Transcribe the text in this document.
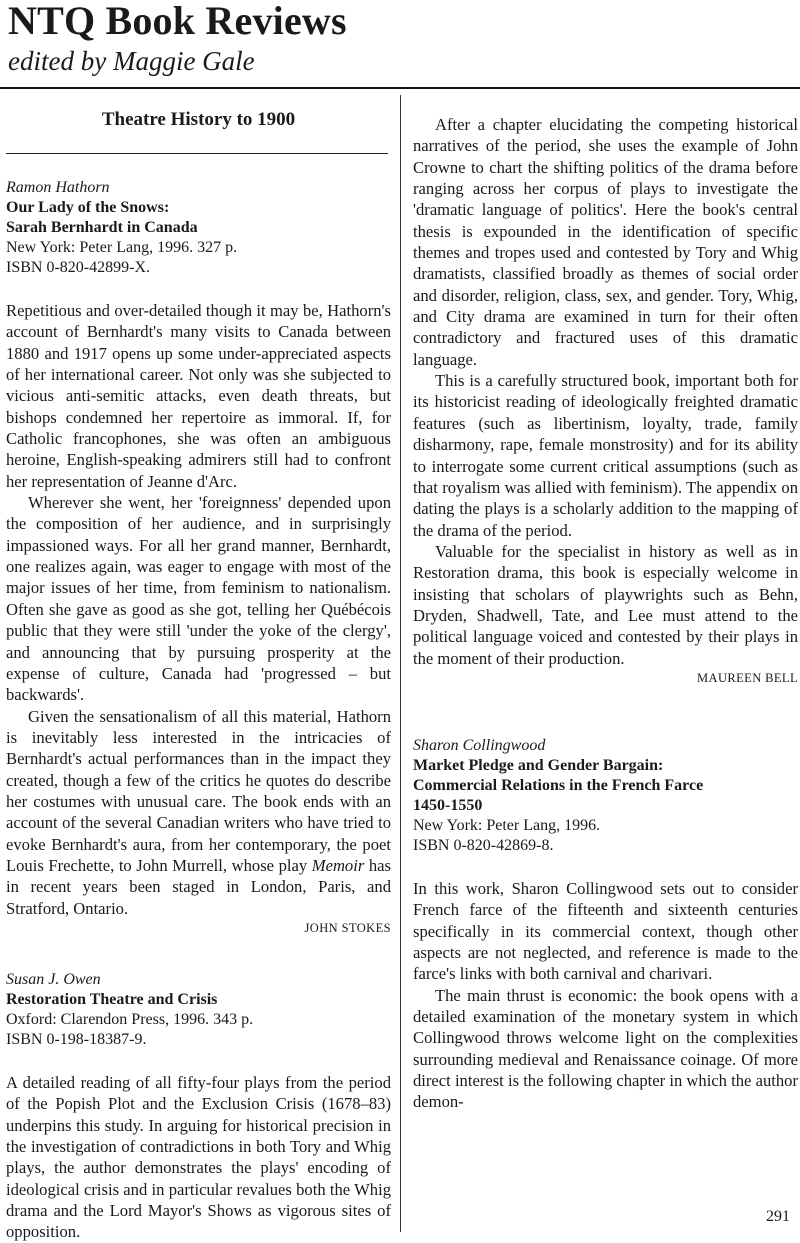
NTQ Book Reviews
edited by Maggie Gale
Theatre History to 1900
Ramon Hathorn
Our Lady of the Snows:
Sarah Bernhardt in Canada
New York: Peter Lang, 1996. 327 p.
ISBN 0-820-42899-X.

Repetitious and over-detailed though it may be, Hathorn's account of Bernhardt's many visits to Canada between 1880 and 1917 opens up some under-appreciated aspects of her international career. Not only was she subjected to vicious anti-semitic attacks, even death threats, but bishops condemned her repertoire as immoral. If, for Catholic francophones, she was often an ambiguous heroine, English-speaking admirers still had to confront her representation of Jeanne d'Arc.

Wherever she went, her 'foreignness' depended upon the composition of her audience, and in surprisingly impassioned ways. For all her grand manner, Bernhardt, one realizes again, was eager to engage with most of the major issues of her time, from feminism to nationalism. Often she gave as good as she got, telling her Québécois public that they were still 'under the yoke of the clergy', and announcing that by pursuing prosperity at the expense of culture, Canada had 'progressed – but backwards'.

Given the sensationalism of all this material, Hathorn is inevitably less interested in the intricacies of Bernhardt's actual performances than in the impact they created, though a few of the critics he quotes do describe her costumes with unusual care. The book ends with an account of the several Canadian writers who have tried to evoke Bernhardt's aura, from her contemporary, the poet Louis Frechette, to John Murrell, whose play Memoir has in recent years been staged in London, Paris, and Stratford, Ontario.

JOHN STOKES
Susan J. Owen
Restoration Theatre and Crisis
Oxford: Clarendon Press, 1996. 343 p.
ISBN 0-198-18387-9.

A detailed reading of all fifty-four plays from the period of the Popish Plot and the Exclusion Crisis (1678–83) underpins this study. In arguing for historical precision in the investigation of contradictions in both Tory and Whig plays, the author demonstrates the plays' encoding of ideological crisis and in particular revalues both the Whig drama and the Lord Mayor's Shows as vigorous sites of opposition.

After a chapter elucidating the competing historical narratives of the period, she uses the example of John Crowne to chart the shifting politics of the drama before ranging across her corpus of plays to investigate the 'dramatic language of politics'. Here the book's central thesis is expounded in the identification of specific themes and tropes used and contested by Tory and Whig dramatists, classified broadly as themes of social order and disorder, religion, class, sex, and gender. Tory, Whig, and City drama are examined in turn for their often contradictory and fractured uses of this dramatic language.

This is a carefully structured book, important both for its historicist reading of ideologically freighted dramatic features (such as libertinism, loyalty, trade, family disharmony, rape, female monstrosity) and for its ability to interrogate some current critical assumptions (such as that royalism was allied with feminism). The appendix on dating the plays is a scholarly addition to the mapping of the drama of the period.

Valuable for the specialist in history as well as in Restoration drama, this book is especially welcome in insisting that scholars of playwrights such as Behn, Dryden, Shadwell, Tate, and Lee must attend to the political language voiced and contested by their plays in the moment of their production.

MAUREEN BELL
Sharon Collingwood
Market Pledge and Gender Bargain:
Commercial Relations in the French Farce
1450-1550
New York: Peter Lang, 1996.
ISBN 0-820-42869-8.

In this work, Sharon Collingwood sets out to consider French farce of the fifteenth and sixteenth centuries specifically in its commercial context, though other aspects are not neglected, and reference is made to the farce's links with both carnival and charivari.

The main thrust is economic: the book opens with a detailed examination of the monetary system in which Collingwood throws welcome light on the complexities surrounding medieval and Renaissance coinage. Of more direct interest is the following chapter in which the author demon-

291
